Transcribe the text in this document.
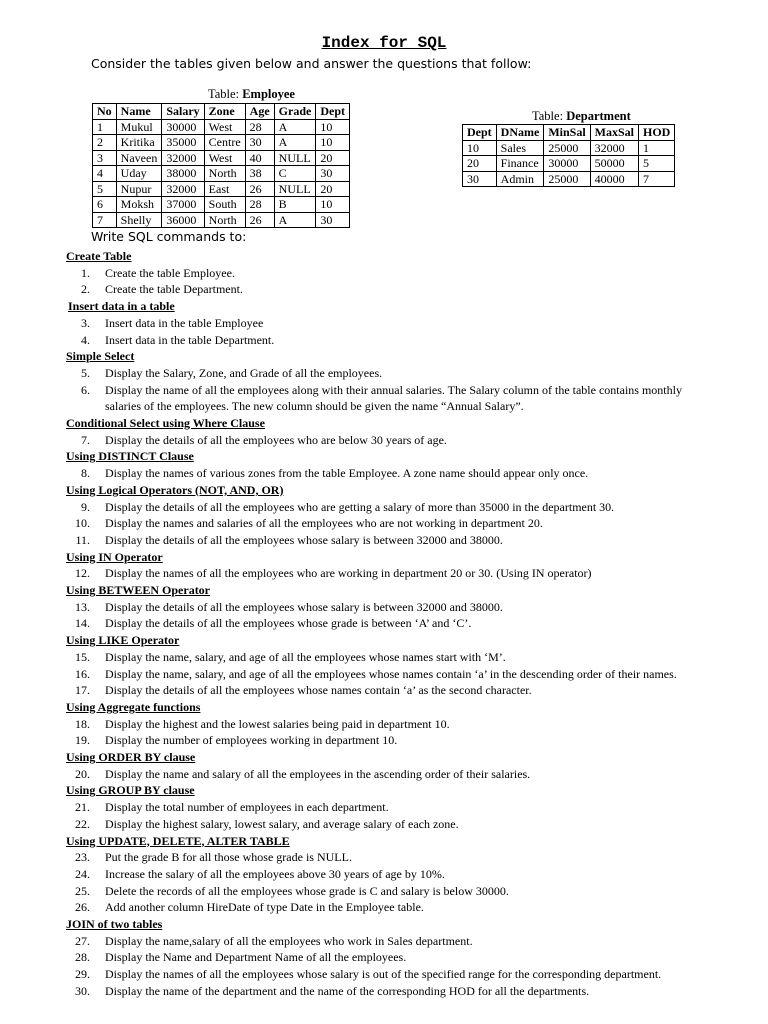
Index for SQL
Consider the tables given below and answer the questions that follow:
Table: Employee
No	Name	Salary	Zone	Age	Grade	Dept
1	Mukul	30000	West	28	A	10
2	Kritika	35000	Centre	30	A	10
3	Naveen	32000	West	40	NULL	20
4	Uday	38000	North	38	C	30
5	Nupur	32000	East	26	NULL	20
6	Moksh	37000	South	28	B	10
7	Shelly	36000	North	26	A	30
Table: Department
Dept	DName	MinSal	MaxSal	HOD
10	Sales	25000	32000	1
20	Finance	30000	50000	5
30	Admin	25000	40000	7
Write SQL commands to:
Create Table
1. Create the table Employee.
2. Create the table Department.
Insert data in a table
3. Insert data in the table Employee
4. Insert data in the table Department.
Simple Select
5. Display the Salary, Zone, and Grade of all the employees.
6. Display the name of all the employees along with their annual salaries. The Salary column of the table contains monthly
salaries of the employees. The new column should be given the name “Annual Salary”.
Conditional Select using Where Clause
7. Display the details of all the employees who are below 30 years of age.
Using DISTINCT Clause
8. Display the names of various zones from the table Employee. A zone name should appear only once.
Using Logical Operators (NOT, AND, OR)
9. Display the details of all the employees who are getting a salary of more than 35000 in the department 30.
10. Display the names and salaries of all the employees who are not working in department 20.
11. Display the details of all the employees whose salary is between 32000 and 38000.
Using IN Operator
12. Display the names of all the employees who are working in department 20 or 30. (Using IN operator)
Using BETWEEN Operator
13. Display the details of all the employees whose salary is between 32000 and 38000.
14. Display the details of all the employees whose grade is between ‘A’ and ‘C’.
Using LIKE Operator
15. Display the name, salary, and age of all the employees whose names start with ‘M’.
16. Display the name, salary, and age of all the employees whose names contain ‘a’ in the descending order of their names.
17. Display the details of all the employees whose names contain ‘a’ as the second character.
Using Aggregate functions
18. Display the highest and the lowest salaries being paid in department 10.
19. Display the number of employees working in department 10.
Using ORDER BY clause
20. Display the name and salary of all the employees in the ascending order of their salaries.
Using GROUP BY clause
21. Display the total number of employees in each department.
22. Display the highest salary, lowest salary, and average salary of each zone.
Using UPDATE, DELETE, ALTER TABLE
23. Put the grade B for all those whose grade is NULL.
24. Increase the salary of all the employees above 30 years of age by 10%.
25. Delete the records of all the employees whose grade is C and salary is below 30000.
26. Add another column HireDate of type Date in the Employee table.
JOIN of two tables
27. Display the name,salary of all the employees who work in Sales department.
28. Display the Name and Department Name of all the employees.
29. Display the names of all the employees whose salary is out of the specified range for the corresponding department.
30. Display the name of the department and the name of the corresponding HOD for all the departments.
